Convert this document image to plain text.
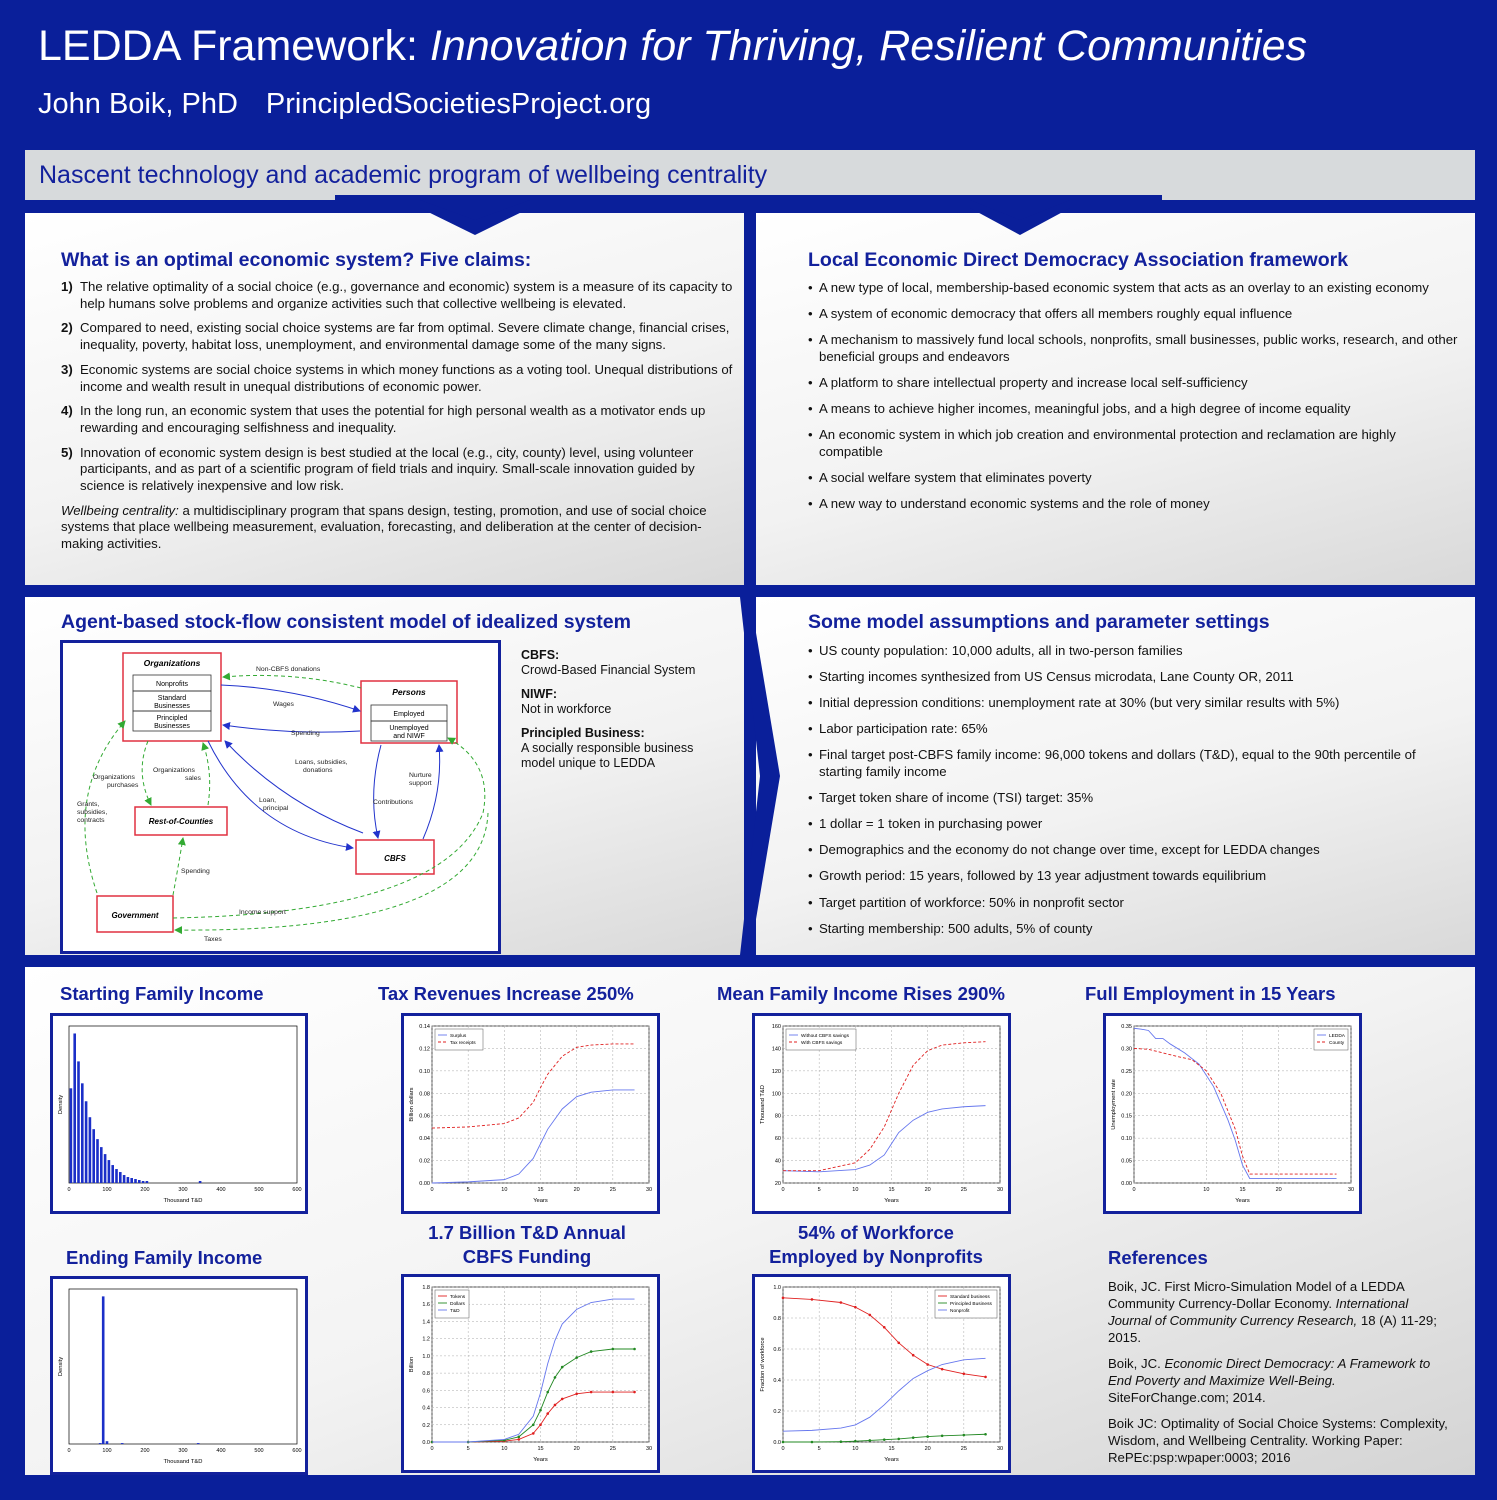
LEDDA Framework: Innovation for Thriving, Resilient Communities
John Boik, PhD PrincipledSocietiesProject.org
Nascent technology and academic program of wellbeing centrality
What is an optimal economic system? Five claims:
1) The relative optimality of a social choice (e.g., governance and economic) system is a measure of its capacity to help humans solve problems and organize activities such that collective wellbeing is elevated.
2) Compared to need, existing social choice systems are far from optimal. Severe climate change, financial crises, inequality, poverty, habitat loss, unemployment, and environmental damage some of the many signs.
3) Economic systems are social choice systems in which money functions as a voting tool. Unequal distributions of income and wealth result in unequal distributions of economic power.
4) In the long run, an economic system that uses the potential for high personal wealth as a motivator ends up rewarding and encouraging selfishness and inequality.
5) Innovation of economic system design is best studied at the local (e.g., city, county) level, using volunteer participants, and as part of a scientific program of field trials and inquiry. Small-scale innovation guided by science is relatively inexpensive and low risk.
Wellbeing centrality: a multidisciplinary program that spans design, testing, promotion, and use of social choice systems that place wellbeing measurement, evaluation, forecasting, and deliberation at the center of decision-making activities.
Local Economic Direct Democracy Association framework
• A new type of local, membership-based economic system that acts as an overlay to an existing economy
• A system of economic democracy that offers all members roughly equal influence
• A mechanism to massively fund local schools, nonprofits, small businesses, public works, research, and other beneficial groups and endeavors
• A platform to share intellectual property and increase local self-sufficiency
• A means to achieve higher incomes, meaningful jobs, and a high degree of income equality
• An economic system in which job creation and environmental protection and reclamation are highly compatible
• A social welfare system that eliminates poverty
• A new way to understand economic systems and the role of money
Agent-based stock-flow consistent model of idealized system
Organizations
Nonprofits
Standard
Businesses
Principled
Businesses
Persons
Employed
Unemployed
and NIWF
Rest-of-Counties
CBFS
Government
Non-CBFS donations
Wages
Spending
Loans, subsidies,
donations
Loan,
principal
Contributions
Nurture
support
Organizations
purchases
Organizations
sales
Grants,
subsidies,
contracts
Spending
Income support
Taxes
CBFS:
Crowd-Based Financial System
NIWF:
Not in workforce
Principled Business:
A socially responsible business model unique to LEDDA
Some model assumptions and parameter settings
• US county population: 10,000 adults, all in two-person families
• Starting incomes synthesized from US Census microdata, Lane County OR, 2011
• Initial depression conditions: unemployment rate at 30% (but very similar results with 5%)
• Labor participation rate: 65%
• Final target post-CBFS family income: 96,000 tokens and dollars (T&D), equal to the 90th percentile of starting family income
• Target token share of income (TSI) target: 35%
• 1 dollar = 1 token in purchasing power
• Demographics and the economy do not change over time, except for LEDDA changes
• Growth period: 15 years, followed by 13 year adjustment towards equilibrium
• Target partition of workforce: 50% in nonprofit sector
• Starting membership: 500 adults, 5% of county
Starting Family Income	Tax Revenues Increase 250%	Mean Family Income Rises 290%	Full Employment in 15 Years
Ending Family Income
1.7 Billion T&D Annual
CBFS Funding
54% of Workforce
Employed by Nonprofits
0	100	200	300	400	500	600
Thousand T&D
Density
0	5	10	15	20	25	30
0.00
0.02
0.04
0.06
0.08
0.10
0.12
0.14
Years
Billion dollars
Surplus
Tax receipts
0	5	10	15	20	25	30
20
40
60
80
100
120
140
160
Years
Thousand T&D
Without CBFS savings
With CBFS savings
0	10	15	20	30
0.00
0.05
0.10
0.15
0.20
0.25
0.30
0.35
Years
Unemployment rate
LEDDA
County
0	100	200	300	400	500	600
Thousand T&D
Density
0	5	10	15	20	25	30
0.0
0.2
0.4
0.6
0.8
1.0
1.2
1.4
1.6
1.8
Years
Billion
Tokens
Dollars
T&D
0	5	10	15	20	25	30
0.0
0.2
0.4
0.6
0.8
1.0
Years
Fraction of workforce
Standard business
Principled Business
Nonprofit
References
Boik, JC. First Micro-Simulation Model of a LEDDA Community Currency-Dollar Economy. International Journal of Community Currency Research, 18 (A) 11-29; 2015.
Boik, JC. Economic Direct Democracy: A Framework to End Poverty and Maximize Well-Being. SiteForChange.com; 2014.
Boik JC: Optimality of Social Choice Systems: Complexity, Wisdom, and Wellbeing Centrality. Working Paper: RePEc:psp:wpaper:0003; 2016
